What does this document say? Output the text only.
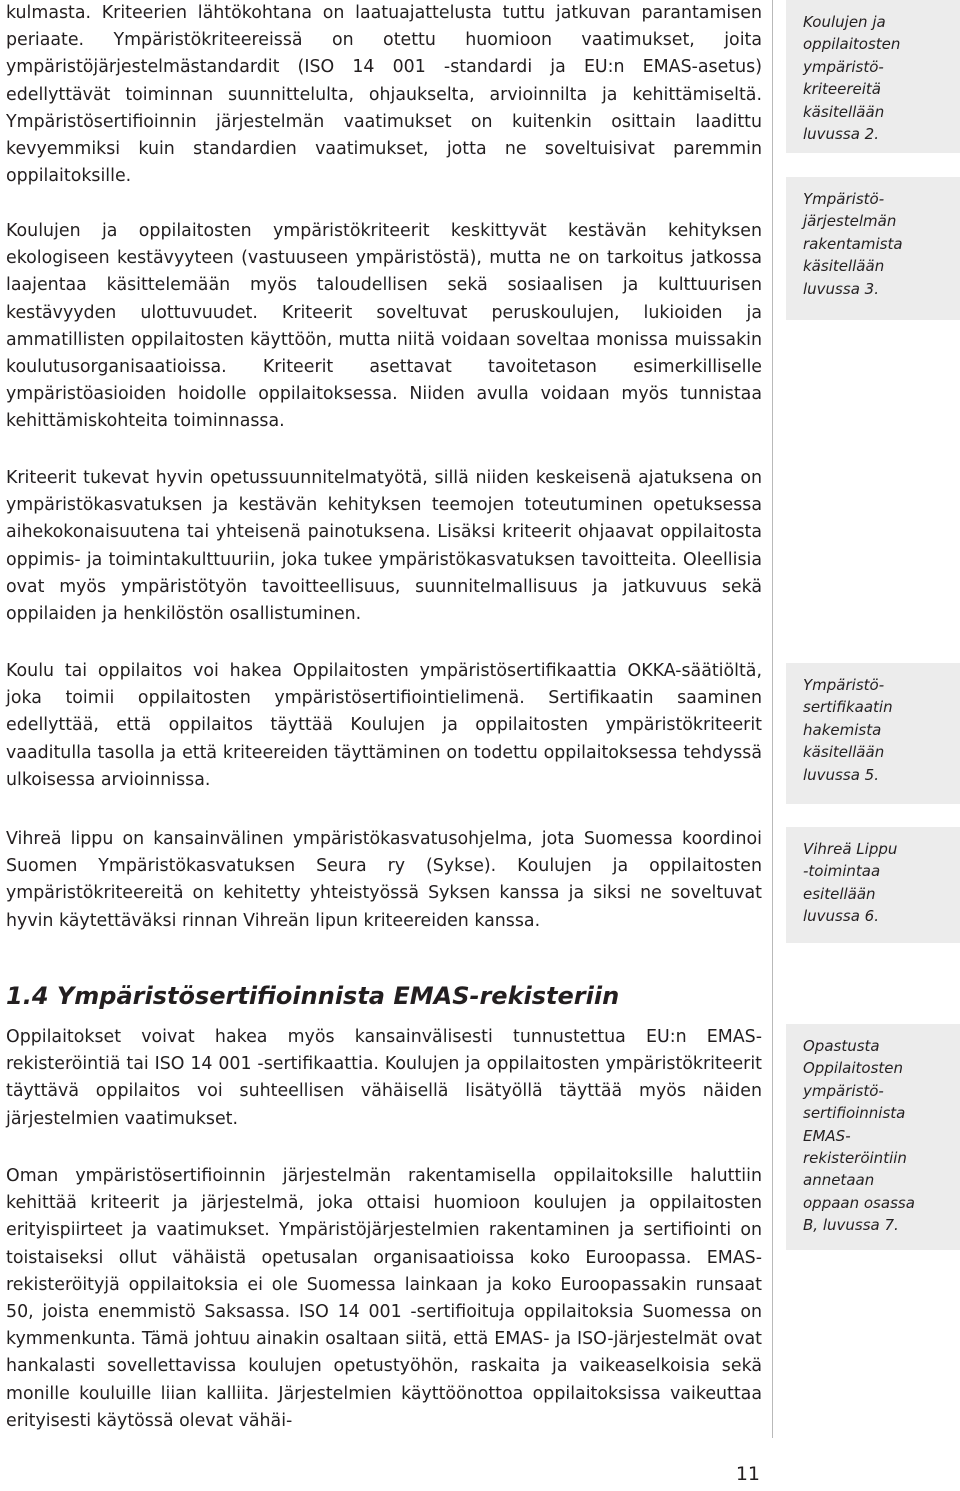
kulmasta. Kriteerien lähtökohtana on laatuajattelusta tuttu jatkuvan parantamisen periaate. Ympäristökriteereissä on otettu huomioon vaatimukset, joita ympäristöjärjestelmästandardit (ISO 14 001 -standardi ja EU:n EMAS-asetus) edellyttävät toiminnan suunnittelulta, ohjaukselta, arvioinnilta ja kehittämiseltä. Ympäristösertifioinnin järjestelmän vaatimukset on kuitenkin osittain laadittu kevyemmiksi kuin standardien vaatimukset, jotta ne soveltuisivat paremmin oppilaitoksille.

Koulujen ja oppilaitosten ympäristökriteerit keskittyvät kestävän kehityksen ekologiseen kestävyyteen (vastuuseen ympäristöstä), mutta ne on tarkoitus jatkossa laajentaa käsittelemään myös taloudellisen sekä sosiaalisen ja kulttuurisen kestävyyden ulottuvuudet. Kriteerit soveltuvat peruskoulujen, lukioiden ja ammatillisten oppilaitosten käyttöön, mutta niitä voidaan soveltaa monissa muissakin koulutusorganisaatioissa. Kriteerit asettavat tavoitetason esimerkilliselle ympäristöasioiden hoidolle oppilaitoksessa. Niiden avulla voidaan myös tunnistaa kehittämiskohteita toiminnassa.

Kriteerit tukevat hyvin opetussuunnitelmatyötä, sillä niiden keskeisenä ajatuksena on ympäristökasvatuksen ja kestävän kehityksen teemojen toteutuminen opetuksessa aihekokonaisuutena tai yhteisenä painotuksena. Lisäksi kriteerit ohjaavat oppilaitosta oppimis- ja toimintakulttuuriin, joka tukee ympäristökasvatuksen tavoitteita. Oleellisia ovat myös ympäristötyön tavoitteellisuus, suunnitelmallisuus ja jatkuvuus sekä oppilaiden ja henkilöstön osallistuminen.

Koulu tai oppilaitos voi hakea Oppilaitosten ympäristösertifikaattia OKKA-säätiöltä, joka toimii oppilaitosten ympäristösertifiointielimenä. Sertifikaatin saaminen edellyttää, että oppilaitos täyttää Koulujen ja oppilaitosten ympäristökriteerit vaaditulla tasolla ja että kriteereiden täyttäminen on todettu oppilaitoksessa tehdyssä ulkoisessa arvioinnissa.

Vihreä lippu on kansainvälinen ympäristökasvatusohjelma, jota Suomessa koordinoi Suomen Ympäristökasvatuksen Seura ry (Sykse). Koulujen ja oppilaitosten ympäristökriteereitä on kehitetty yhteistyössä Syksen kanssa ja siksi ne soveltuvat hyvin käytettäväksi rinnan Vihreän lipun kriteereiden kanssa.

1.4 Ympäristösertifioinnista EMAS-rekisteriin

Oppilaitokset voivat hakea myös kansainvälisesti tunnustettua EU:n EMAS-rekisteröintiä tai ISO 14 001 -sertifikaattia. Koulujen ja oppilaitosten ympäristökriteerit täyttävä oppilaitos voi suhteellisen vähäisellä lisätyöllä täyttää myös näiden järjestelmien vaatimukset.

Oman ympäristösertifioinnin järjestelmän rakentamisella oppilaitoksille haluttiin kehittää kriteerit ja järjestelmä, joka ottaisi huomioon koulujen ja oppilaitosten erityispiirteet ja vaatimukset. Ympäristöjärjestelmien rakentaminen ja sertifiointi on toistaiseksi ollut vähäistä opetusalan organisaatioissa koko Euroopassa. EMAS-rekisteröityjä oppilaitoksia ei ole Suomessa lainkaan ja koko Euroopassakin runsaat 50, joista enemmistö Saksassa. ISO 14 001 -sertifioituja oppilaitoksia Suomessa on kymmenkunta. Tämä johtuu ainakin osaltaan siitä, että EMAS- ja ISO-järjestelmät ovat hankalasti sovellettavissa koulujen opetustyöhön, raskaita ja vaikeaselkoisia sekä monille kouluille liian kalliita. Järjestelmien käyttöönottoa oppilaitoksissa vaikeuttaa erityisesti käytössä olevat vähäi-

Koulujen ja
oppilaitosten
ympäristö-
kriteereitä
käsitellään
luvussa 2.
Ympäristö-
järjestelmän
rakentamista
käsitellään
luvussa 3.
Ympäristö-
sertifikaatin
hakemista
käsitellään
luvussa 5.
Vihreä Lippu
-toimintaa
esitellään
luvussa 6.
Opastusta
Oppilaitosten
ympäristö-
sertifioinnista
EMAS-
rekisteröintiin
annetaan
oppaan osassa
B, luvussa 7.
11
